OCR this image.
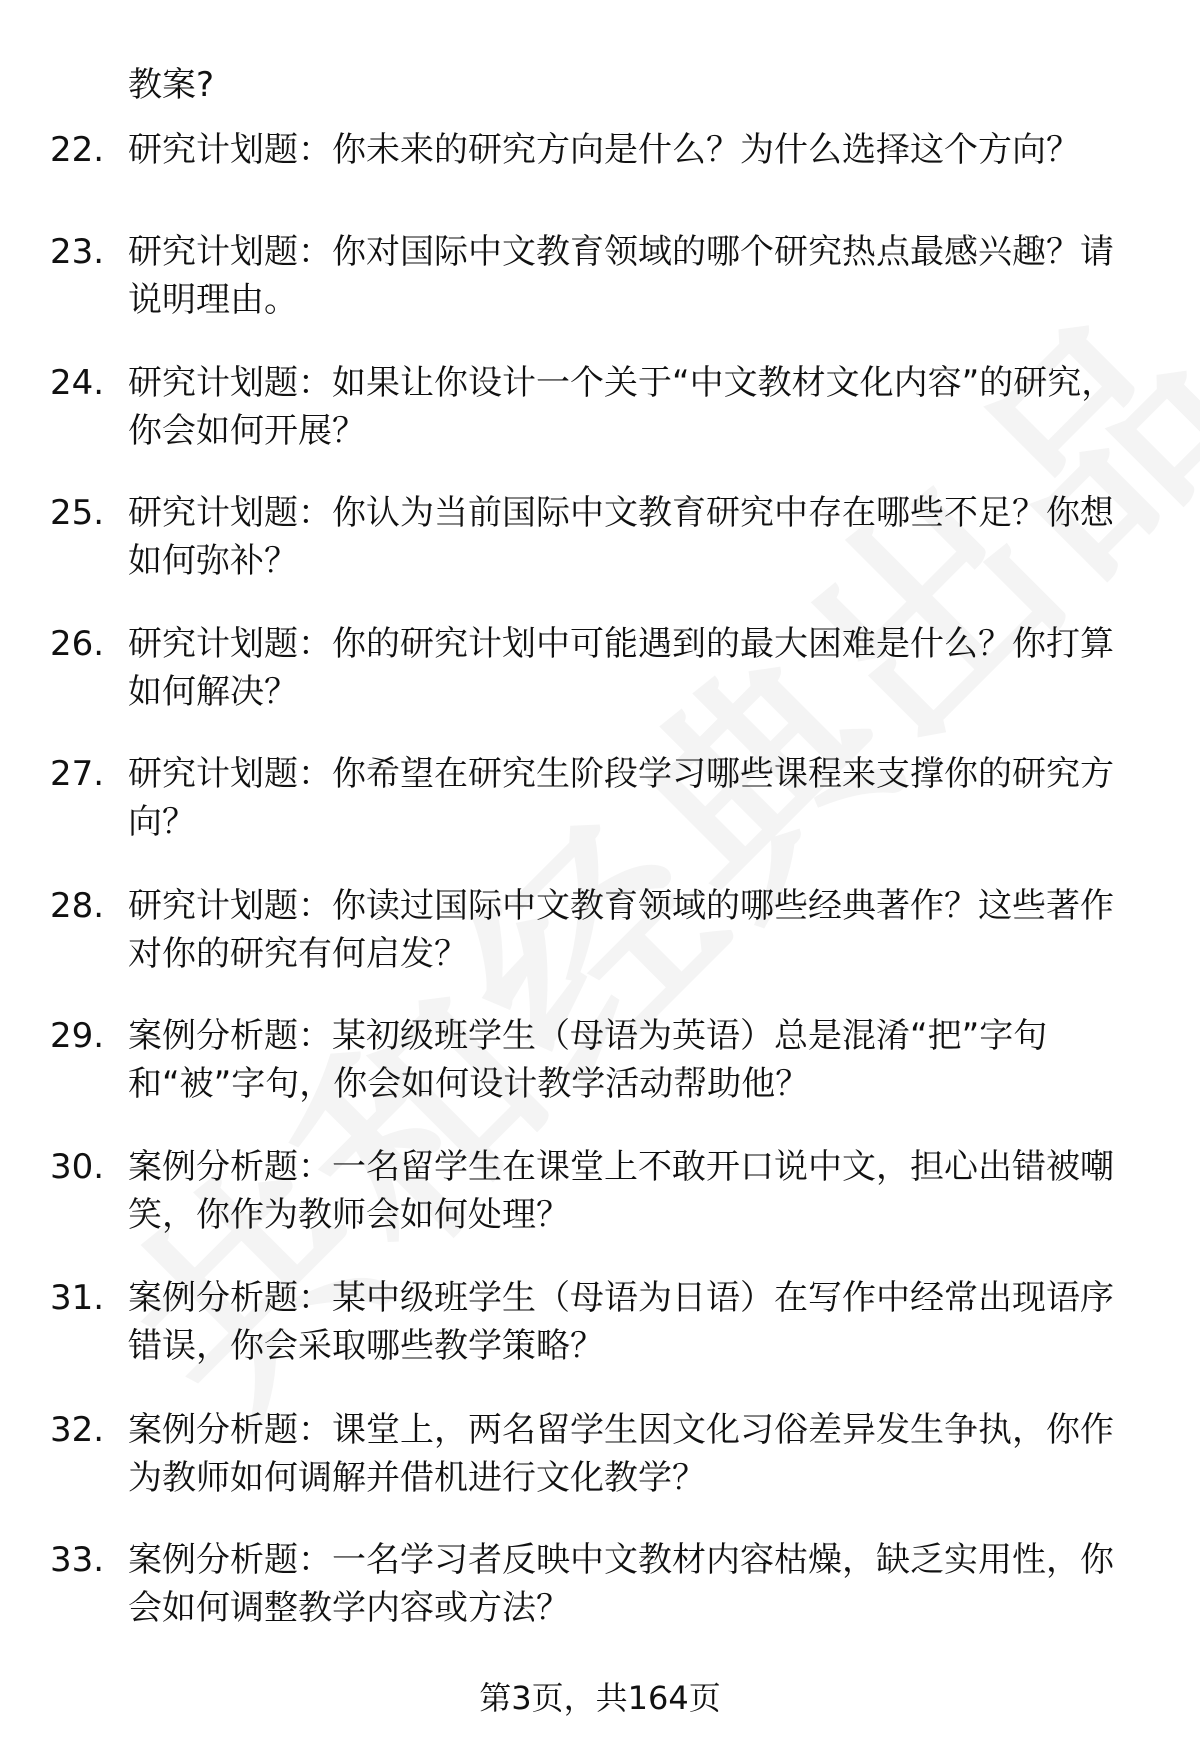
教案?
22. 研究计划题：你未来的研究方向是什么？为什么选择这个方向？
23. 研究计划题：你对国际中文教育领域的哪个研究热点最感兴趣？请说明理由。
24. 研究计划题：如果让你设计一个关于“中文教材文化内容”的研究，你会如何开展？
25. 研究计划题：你认为当前国际中文教育研究中存在哪些不足？你想如何弥补？
26. 研究计划题：你的研究计划中可能遇到的最大困难是什么？你打算如何解决？
27. 研究计划题：你希望在研究生阶段学习哪些课程来支撑你的研究方向？
28. 研究计划题：你读过国际中文教育领域的哪些经典著作？这些著作对你的研究有何启发？
29. 案例分析题：某初级班学生（母语为英语）总是混淆“把”字句和“被”字句，你会如何设计教学活动帮助他？
30. 案例分析题：一名留学生在课堂上不敢开口说中文，担心出错被嘲笑，你作为教师会如何处理？
31. 案例分析题：某中级班学生（母语为日语）在写作中经常出现语序错误，你会采取哪些教学策略？
32. 案例分析题：课堂上，两名留学生因文化习俗差异发生争执，你作为教师如何调解并借机进行文化教学？
33. 案例分析题：一名学习者反映中文教材内容枯燥，缺乏实用性，你会如何调整教学内容或方法？
第3页，共164页
